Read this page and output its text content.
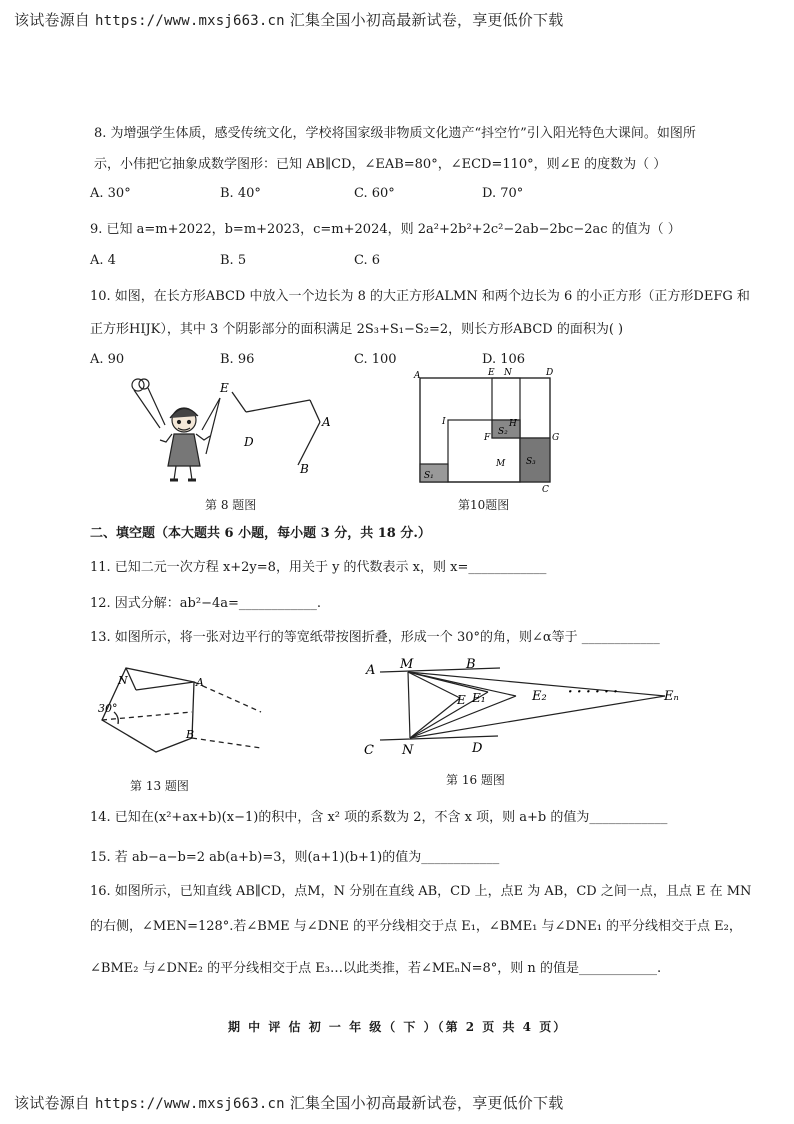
该试卷源自 https://www.mxsj663.cn 汇集全国小初高最新试卷，享更低价下载
8. 为增强学生体质，感受传统文化，学校将国家级非物质文化遗产“抖空竹”引入阳光特色大课间。如图所
示，小伟把它抽象成数学图形：已知 AB∥CD，∠EAB=80°，∠ECD=110°，则∠E 的度数为（ ）
A. 30°	B. 40°	C. 60°	D. 70°
9. 已知 a=m+2022，b=m+2023，c=m+2024，则 2a²+2b²+2c²−2ab−2bc−2ac 的值为（ ）
A. 4	B. 5	C. 6
10. 如图，在长方形ABCD 中放入一个边长为 8 的大正方形ALMN 和两个边长为 6 的小正方形（正方形DEFG 和
正方形HIJK），其中 3 个阴影部分的面积满足 2S₃+S₁−S₂=2，则长方形ABCD 的面积为( )
A. 90	B. 96	C. 100	D. 106
E
A
D
B
第 8 题图
A	E N	D
I	H
F	G
M
C
S₁
S₂
S₃
第10题图
二、填空题（本大题共 6 小题，每小题 3 分，共 18 分.）
11. 已知二元一次方程 x+2y=8，用关于 y 的代数表示 x，则 x=____________
12. 因式分解：ab²−4a=____________.
13. 如图所示，将一张对边平行的等宽纸带按图折叠，形成一个 30°的角，则∠α等于 ____________
N
30°
A
B
第 13 题图
A M	B
E₁
E	E₂ · · · · · ·	Eₙ
C N	D
第 16 题图
14. 已知在(x²+ax+b)(x−1)的积中，含 x² 项的系数为 2，不含 x 项，则 a+b 的值为____________
15. 若 ab−a−b=2 ab(a+b)=3，则(a+1)(b+1)的值为____________
16. 如图所示，已知直线 AB∥CD，点M，N 分别在直线 AB，CD 上，点E 为 AB，CD 之间一点，且点 E 在 MN
的右侧，∠MEN=128°.若∠BME 与∠DNE 的平分线相交于点 E₁，∠BME₁ 与∠DNE₁ 的平分线相交于点 E₂，
∠BME₂ 与∠DNE₂ 的平分线相交于点 E₃…以此类推，若∠MEₙN=8°，则 n 的值是____________.
期 中 评 估 初 一 年 级（ 下 ）（第 2 页 共 4 页）
该试卷源自 https://www.mxsj663.cn 汇集全国小初高最新试卷，享更低价下载
